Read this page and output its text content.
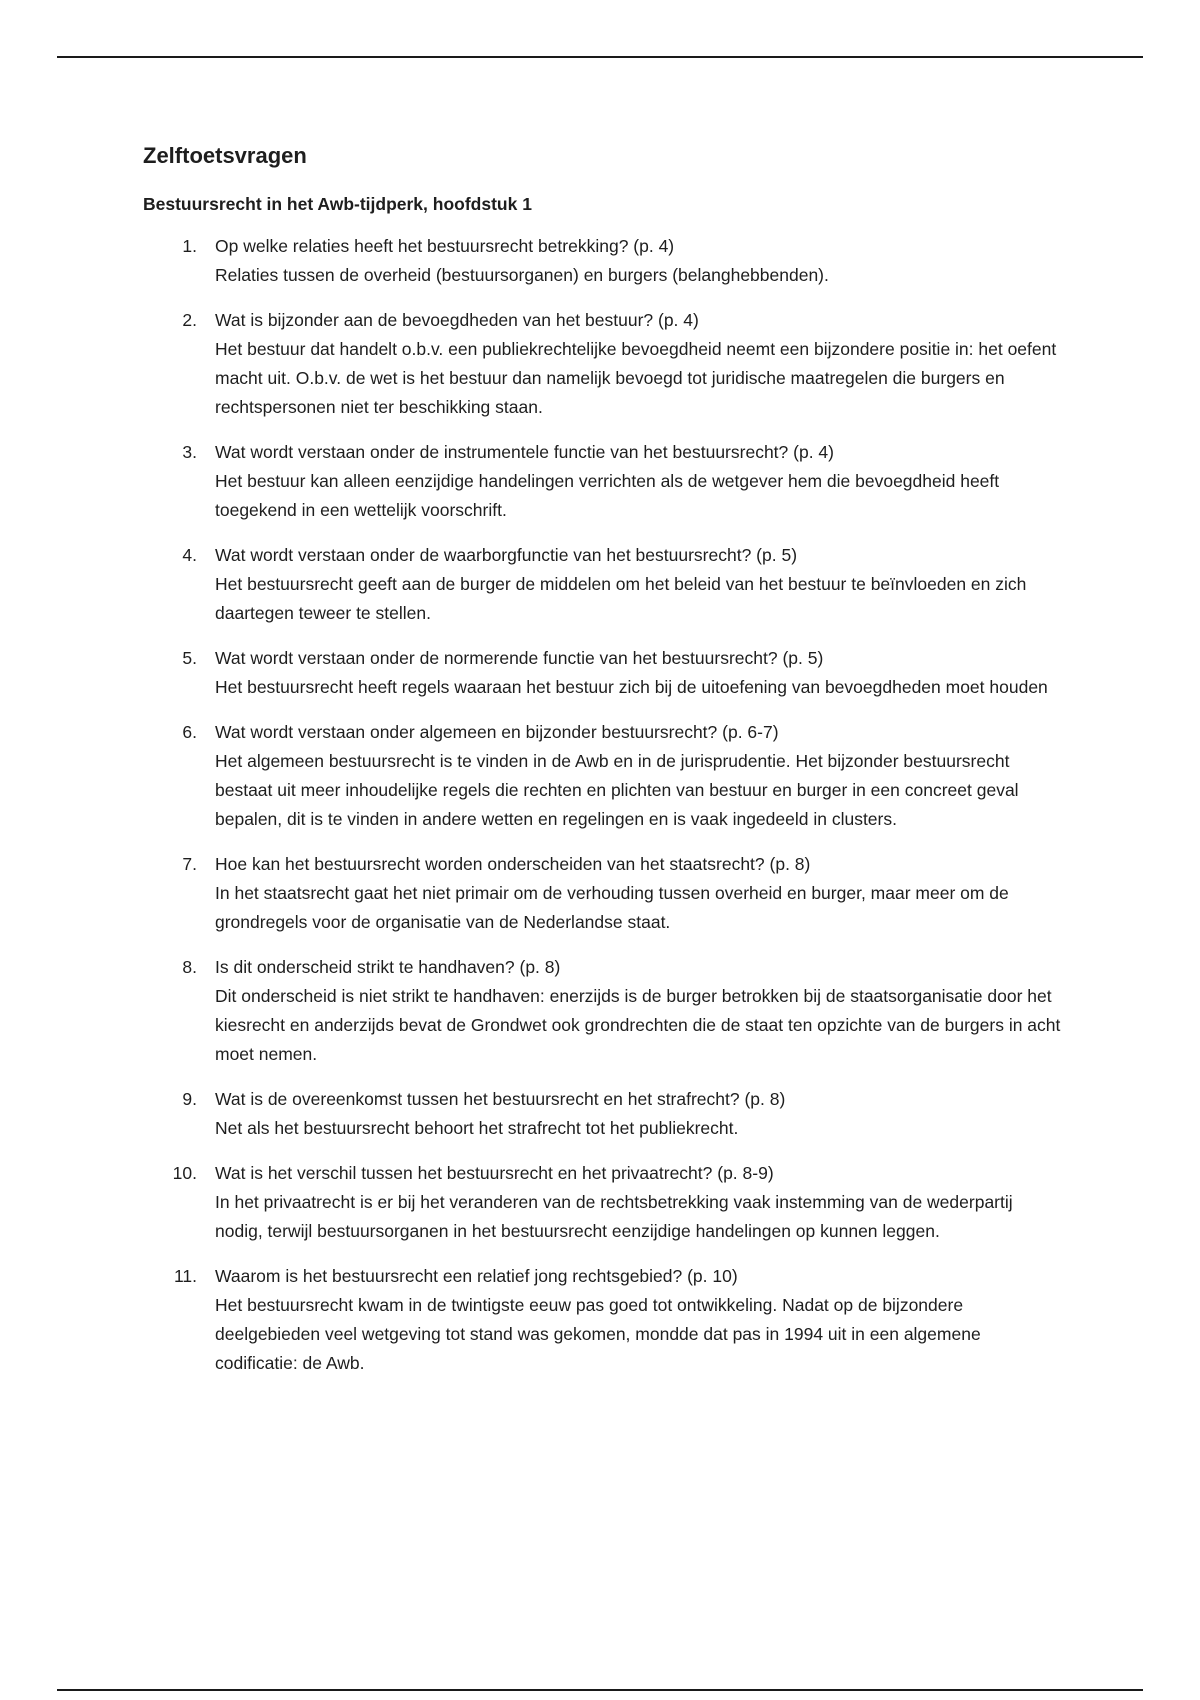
Zelftoetsvragen
Bestuursrecht in het Awb-tijdperk, hoofdstuk 1
1. Op welke relaties heeft het bestuursrecht betrekking? (p. 4)
Relaties tussen de overheid (bestuursorganen) en burgers (belanghebbenden).
2. Wat is bijzonder aan de bevoegdheden van het bestuur? (p. 4)
Het bestuur dat handelt o.b.v. een publiekrechtelijke bevoegdheid neemt een bijzondere positie in: het oefent macht uit. O.b.v. de wet is het bestuur dan namelijk bevoegd tot juridische maatregelen die burgers en rechtspersonen niet ter beschikking staan.
3. Wat wordt verstaan onder de instrumentele functie van het bestuursrecht? (p. 4)
Het bestuur kan alleen eenzijdige handelingen verrichten als de wetgever hem die bevoegdheid heeft toegekend in een wettelijk voorschrift.
4. Wat wordt verstaan onder de waarborgfunctie van het bestuursrecht? (p. 5)
Het bestuursrecht geeft aan de burger de middelen om het beleid van het bestuur te beïnvloeden en zich daartegen teweer te stellen.
5. Wat wordt verstaan onder de normerende functie van het bestuursrecht? (p. 5)
Het bestuursrecht heeft regels waaraan het bestuur zich bij de uitoefening van bevoegdheden moet houden
6. Wat wordt verstaan onder algemeen en bijzonder bestuursrecht? (p. 6-7)
Het algemeen bestuursrecht is te vinden in de Awb en in de jurisprudentie. Het bijzonder bestuursrecht bestaat uit meer inhoudelijke regels die rechten en plichten van bestuur en burger in een concreet geval bepalen, dit is te vinden in andere wetten en regelingen en is vaak ingedeeld in clusters.
7. Hoe kan het bestuursrecht worden onderscheiden van het staatsrecht? (p. 8)
In het staatsrecht gaat het niet primair om de verhouding tussen overheid en burger, maar meer om de grondregels voor de organisatie van de Nederlandse staat.
8. Is dit onderscheid strikt te handhaven? (p. 8)
Dit onderscheid is niet strikt te handhaven: enerzijds is de burger betrokken bij de staatsorganisatie door het kiesrecht en anderzijds bevat de Grondwet ook grondrechten die de staat ten opzichte van de burgers in acht moet nemen.
9. Wat is de overeenkomst tussen het bestuursrecht en het strafrecht? (p. 8)
Net als het bestuursrecht behoort het strafrecht tot het publiekrecht.
10. Wat is het verschil tussen het bestuursrecht en het privaatrecht? (p. 8-9)
In het privaatrecht is er bij het veranderen van de rechtsbetrekking vaak instemming van de wederpartij nodig, terwijl bestuursorganen in het bestuursrecht eenzijdige handelingen op kunnen leggen.
11. Waarom is het bestuursrecht een relatief jong rechtsgebied? (p. 10)
Het bestuursrecht kwam in de twintigste eeuw pas goed tot ontwikkeling. Nadat op de bijzondere deelgebieden veel wetgeving tot stand was gekomen, mondde dat pas in 1994 uit in een algemene codificatie: de Awb.
